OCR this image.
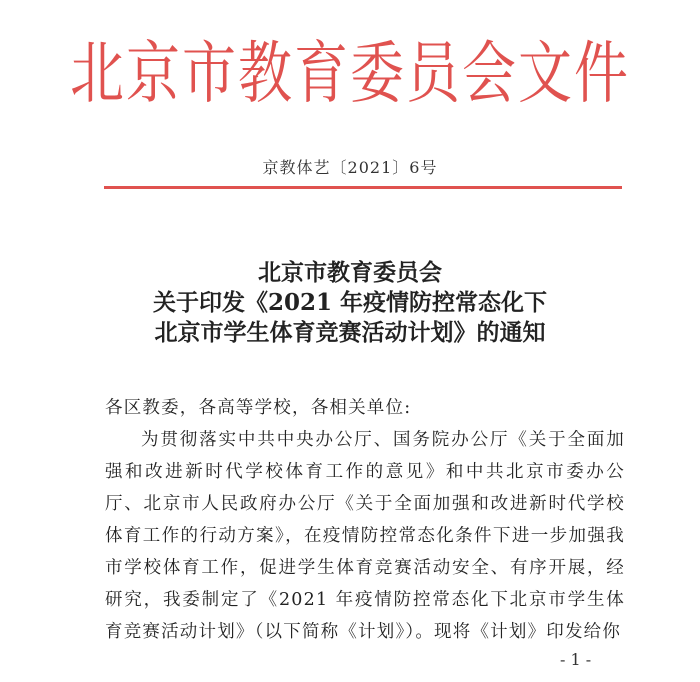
北京市教育委员会文件
京教体艺〔2021〕6号
北京市教育委员会
关于印发《2021 年疫情防控常态化下
北京市学生体育竞赛活动计划》的通知

各区教委，各高等学校，各相关单位:

为贯彻落实中共中央办公厅、国务院办公厅《关于全面加强和改进新时代学校体育工作的意见》和中共北京市委办公厅、北京市人民政府办公厅《关于全面加强和改进新时代学校体育工作的行动方案》，在疫情防控常态化条件下进一步加强我市学校体育工作，促进学生体育竞赛活动安全、有序开展，经研究，我委制定了《2021 年疫情防控常态化下北京市学生体育竞赛活动计划》（以下简称《计划》）。现将《计划》印发给你

- 1 -
